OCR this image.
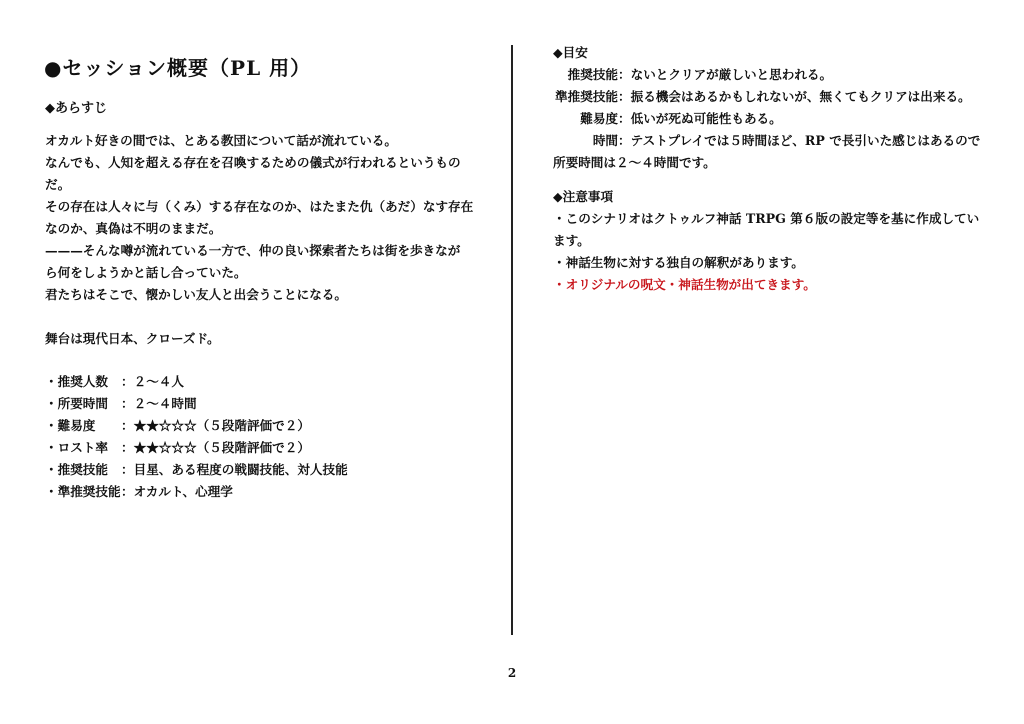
●セッション概要（PL 用）
◆あらすじ
オカルト好きの間では、とある教団について話が流れている。
なんでも、人知を超える存在を召喚するための儀式が行われるというもの
だ。
その存在は人々に与（くみ）する存在なのか、はたまた仇（あだ）なす存在
なのか、真偽は不明のままだ。
———そんな噂が流れている一方で、仲の良い探索者たちは街を歩きなが
ら何をしようかと話し合っていた。
君たちはそこで、懐かしい友人と出会うことになる。
舞台は現代日本、クローズド。
・推奨人数	：２～４人
・所要時間	：２～４時間
・難易度	：★★☆☆☆（５段階評価で２）
・ロスト率	：★★☆☆☆（５段階評価で２）
・推奨技能	：目星、ある程度の戦闘技能、対人技能
・準推奨技能 ：オカルト、心理学
◆目安
推奨技能：ないとクリアが厳しいと思われる。
準推奨技能：振る機会はあるかもしれないが、無くてもクリアは出来る。
難易度：低いが死ぬ可能性もある。
時間：テストプレイでは５時間ほど、RP で長引いた感じはあるので
所要時間は２～４時間です。
◆注意事項
・このシナリオはクトゥルフ神話 TRPG 第６版の設定等を基に作成してい
ます。
・神話生物に対する独自の解釈があります。
・オリジナルの呪文・神話生物が出てきます。
2
